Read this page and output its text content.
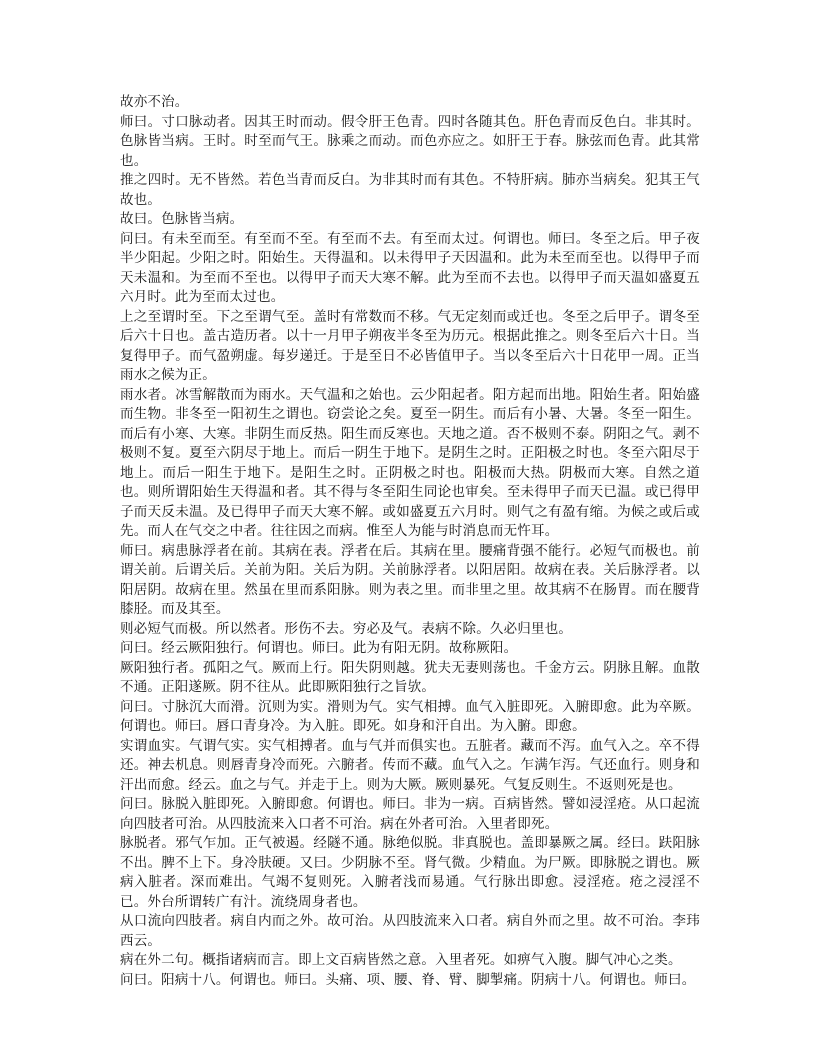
故亦不治。

师曰。寸口脉动者。因其王时而动。假令肝王色青。四时各随其色。肝色青而反色白。非其时。色脉皆当病。王时。时至而气王。脉乘之而动。而色亦应之。如肝王于春。脉弦而色青。此其常也。

推之四时。无不皆然。若色当青而反白。为非其时而有其色。不特肝病。肺亦当病矣。犯其王气故也。

故曰。色脉皆当病。

问曰。有未至而至。有至而不至。有至而不去。有至而太过。何谓也。师曰。冬至之后。甲子夜半少阳起。少阳之时。阳始生。天得温和。以未得甲子天因温和。此为未至而至也。以得甲子而天未温和。为至而不至也。以得甲子而天大寒不解。此为至而不去也。以得甲子而天温如盛夏五六月时。此为至而太过也。

上之至谓时至。下之至谓气至。盖时有常数而不移。气无定刻而或迁也。冬至之后甲子。谓冬至后六十日也。盖古造历者。以十一月甲子朔夜半冬至为历元。根据此推之。则冬至后六十日。当复得甲子。而气盈朔虚。每岁递迁。于是至日不必皆值甲子。当以冬至后六十日花甲一周。正当雨水之候为正。

雨水者。冰雪解散而为雨水。天气温和之始也。云少阳起者。阳方起而出地。阳始生者。阳始盛而生物。非冬至一阳初生之谓也。窃尝论之矣。夏至一阴生。而后有小暑、大暑。冬至一阳生。而后有小寒、大寒。非阴生而反热。阳生而反寒也。天地之道。否不极则不泰。阴阳之气。剥不极则不复。夏至六阴尽于地上。而后一阴生于地下。是阴生之时。正阳极之时也。冬至六阳尽于地上。而后一阳生于地下。是阳生之时。正阴极之时也。阳极而大热。阴极而大寒。自然之道也。则所谓阳始生天得温和者。其不得与冬至阳生同论也审矣。至未得甲子而天已温。或已得甲子而天反未温。及已得甲子而天大寒不解。或如盛夏五六月时。则气之有盈有缩。为候之或后或先。而人在气交之中者。往往因之而病。惟至人为能与时消息而无忤耳。

师曰。病患脉浮者在前。其病在表。浮者在后。其病在里。腰痛背强不能行。必短气而极也。前谓关前。后谓关后。关前为阳。关后为阴。关前脉浮者。以阳居阳。故病在表。关后脉浮者。以阳居阴。故病在里。然虽在里而系阳脉。则为表之里。而非里之里。故其病不在肠胃。而在腰背膝胫。而及其至。

则必短气而极。所以然者。形伤不去。穷必及气。表病不除。久必归里也。

问曰。经云厥阳独行。何谓也。师曰。此为有阳无阴。故称厥阳。

厥阳独行者。孤阳之气。厥而上行。阳失阴则越。犹夫无妻则荡也。千金方云。阴脉且解。血散不通。正阳遂厥。阴不往从。此即厥阳独行之旨欤。

问曰。寸脉沉大而滑。沉则为实。滑则为气。实气相搏。血气入脏即死。入腑即愈。此为卒厥。何谓也。师曰。唇口青身冷。为入脏。即死。如身和汗自出。为入腑。即愈。

实谓血实。气谓气实。实气相搏者。血与气并而俱实也。五脏者。藏而不泻。血气入之。卒不得还。神去机息。则唇青身冷而死。六腑者。传而不藏。血气入之。乍满乍泻。气还血行。则身和汗出而愈。经云。血之与气。并走于上。则为大厥。厥则暴死。气复反则生。不返则死是也。

问曰。脉脱入脏即死。入腑即愈。何谓也。师曰。非为一病。百病皆然。譬如浸淫疮。从口起流向四肢者可治。从四肢流来入口者不可治。病在外者可治。入里者即死。

脉脱者。邪气乍加。正气被遏。经隧不通。脉绝似脱。非真脱也。盖即暴厥之属。经曰。趺阳脉不出。脾不上下。身冷肤硬。又曰。少阴脉不至。肾气微。少精血。为尸厥。即脉脱之谓也。厥病入脏者。深而难出。气竭不复则死。入腑者浅而易通。气行脉出即愈。浸淫疮。疮之浸淫不已。外台所谓转广有汁。流绕周身者也。

从口流向四肢者。病自内而之外。故可治。从四肢流来入口者。病自外而之里。故不可治。李玮西云。

病在外二句。概指诸病而言。即上文百病皆然之意。入里者死。如痹气入腹。脚气冲心之类。

问曰。阳病十八。何谓也。师曰。头痛、项、腰、脊、臂、脚掣痛。阴病十八。何谓也。师曰。
